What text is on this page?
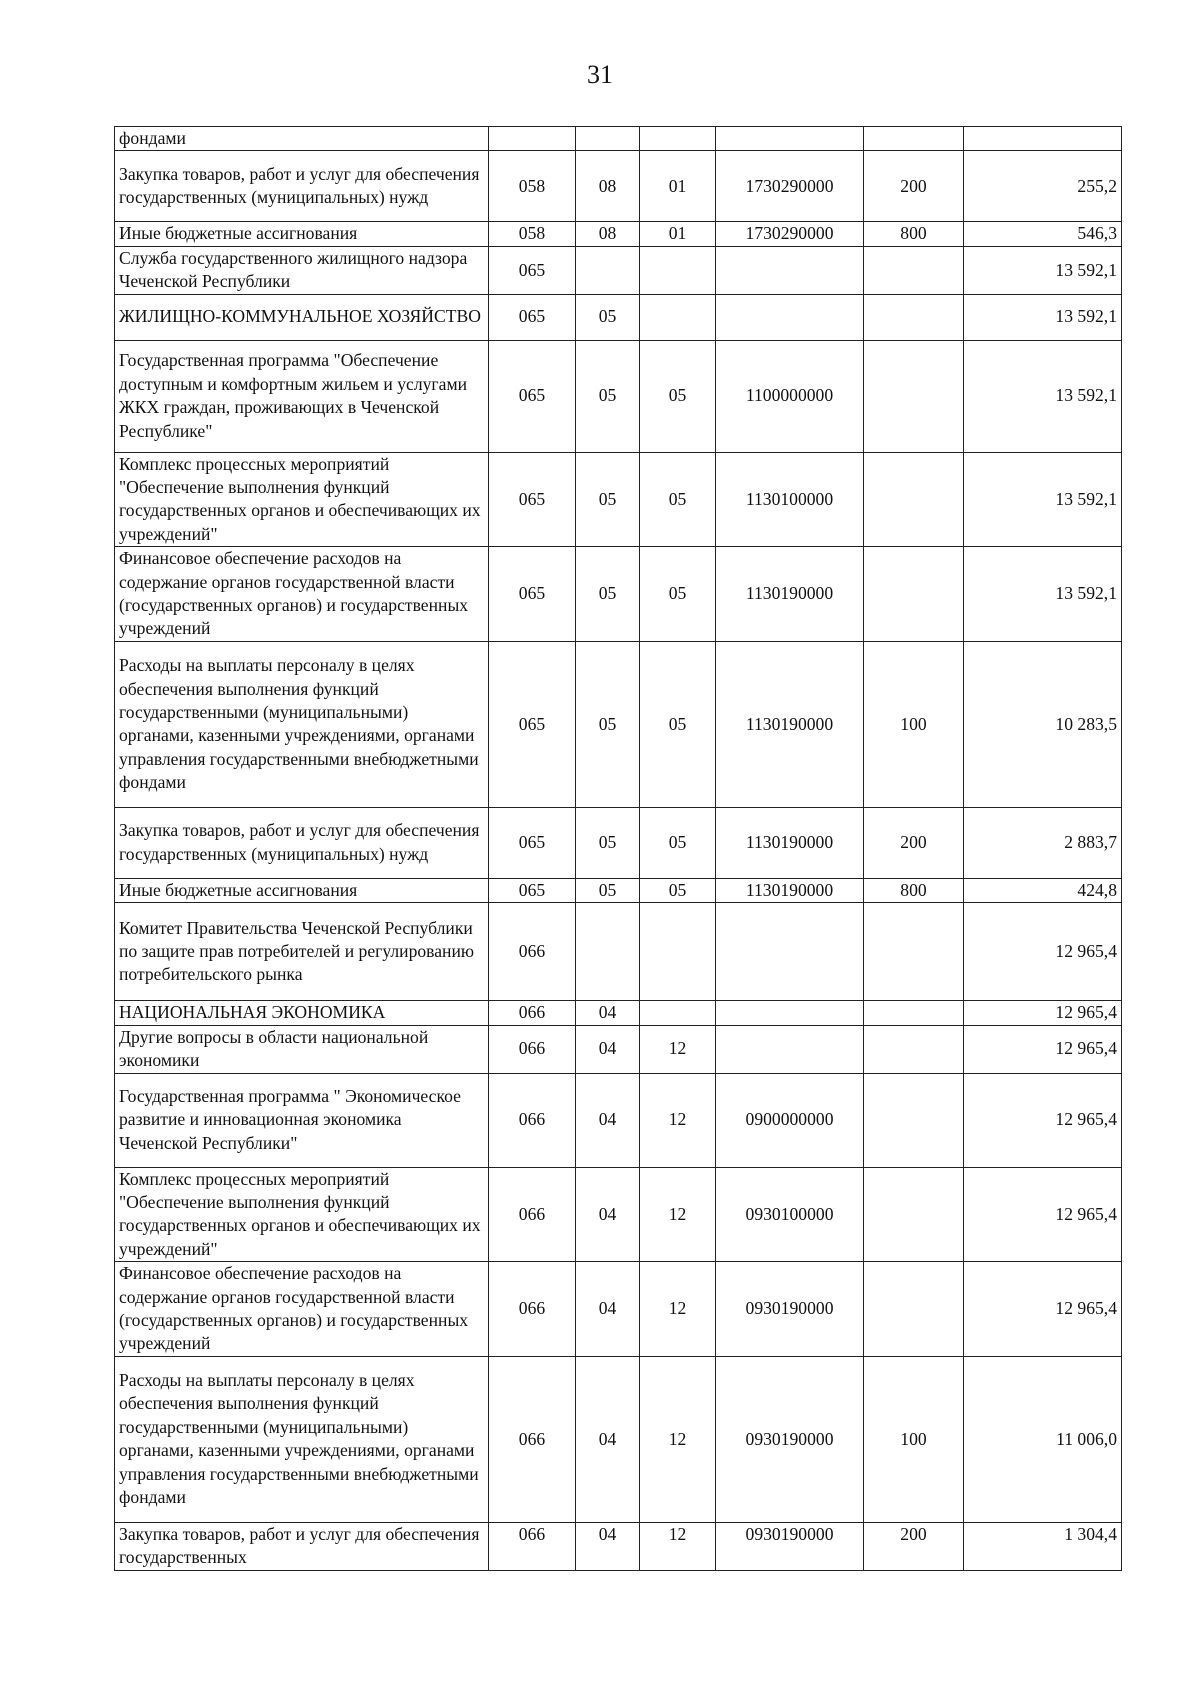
31
фондами						
Закупка товаров, работ и услуг для обеспечения государственных (муниципальных) нужд	058	08	01	1730290000	200	255,2
Иные бюджетные ассигнования	058	08	01	1730290000	800	546,3
Служба государственного жилищного надзора Чеченской Республики	065					13 592,1
ЖИЛИЩНО-КОММУНАЛЬНОЕ ХОЗЯЙСТВО	065	05				13 592,1
Государственная программа "Обеспечение доступным и комфортным жильем и услугами ЖКХ граждан, проживающих в Чеченской Республике"	065	05	05	1100000000		13 592,1
Комплекс процессных мероприятий "Обеспечение выполнения функций государственных органов и обеспечивающих их учреждений"	065	05	05	1130100000		13 592,1
Финансовое обеспечение расходов на содержание органов государственной власти (государственных органов) и государственных учреждений	065	05	05	1130190000		13 592,1
Расходы на выплаты персоналу в целях обеспечения выполнения функций государственными (муниципальными) органами, казенными учреждениями, органами управления государственными внебюджетными фондами	065	05	05	1130190000	100	10 283,5
Закупка товаров, работ и услуг для обеспечения государственных (муниципальных) нужд	065	05	05	1130190000	200	2 883,7
Иные бюджетные ассигнования	065	05	05	1130190000	800	424,8
Комитет Правительства Чеченской Республики по защите прав потребителей и регулированию потребительского рынка	066					12 965,4
НАЦИОНАЛЬНАЯ ЭКОНОМИКА	066	04				12 965,4
Другие вопросы в области национальной экономики	066	04	12			12 965,4
Государственная программа " Экономическое развитие и инновационная экономика Чеченской Республики"	066	04	12	0900000000		12 965,4
Комплекс процессных мероприятий "Обеспечение выполнения функций государственных органов и обеспечивающих их учреждений"	066	04	12	0930100000		12 965,4
Финансовое обеспечение расходов на содержание органов государственной власти (государственных органов) и государственных учреждений	066	04	12	0930190000		12 965,4
Расходы на выплаты персоналу в целях обеспечения выполнения функций государственными (муниципальными) органами, казенными учреждениями, органами управления государственными внебюджетными фондами	066	04	12	0930190000	100	11 006,0
Закупка товаров, работ и услуг для обеспечения государственных	066	04	12	0930190000	200	1 304,4
